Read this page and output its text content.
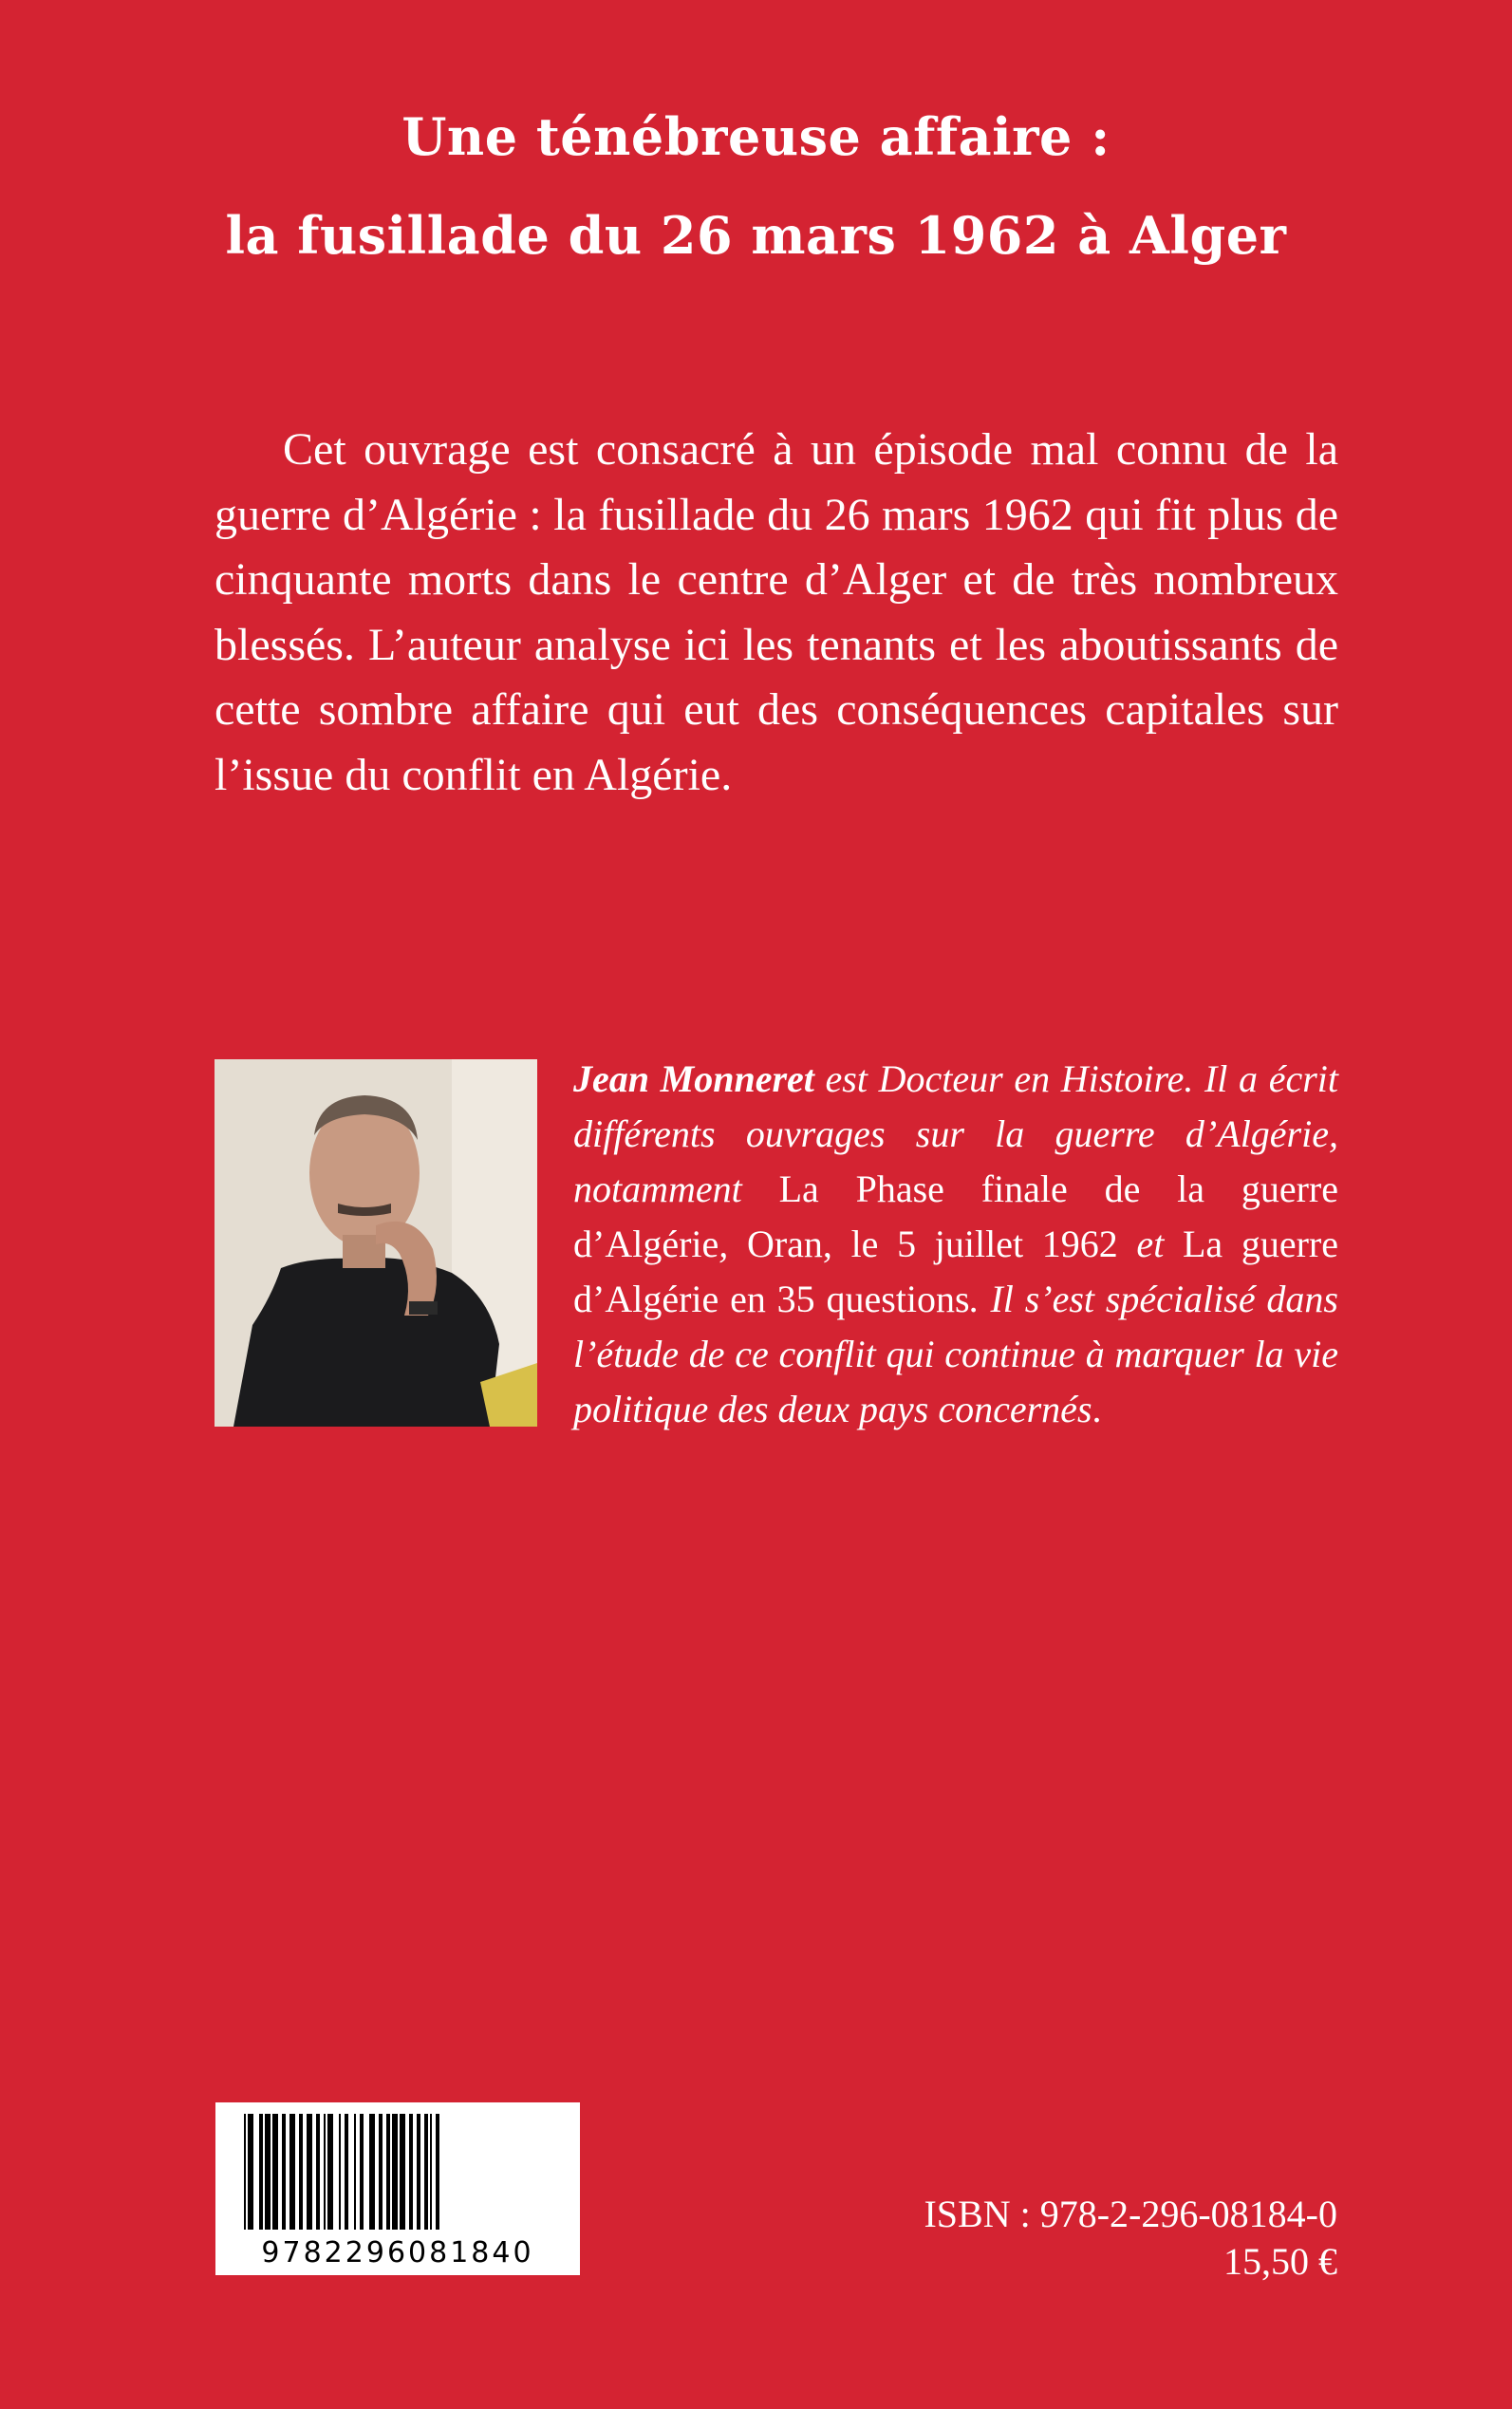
Une ténébreuse affaire :
la fusillade du 26 mars 1962 à Alger

Cet ouvrage est consacré à un épisode mal connu de la guerre d’Algérie : la fusillade du 26 mars 1962 qui fit plus de cinquante morts dans le centre d’Alger et de très nombreux blessés. L’auteur analyse ici les tenants et les aboutissants de cette sombre affaire qui eut des conséquences capitales sur l’issue du conflit en Algérie.

Jean Monneret est Docteur en Histoire. Il a écrit différents ouvrages sur la guerre d’Algérie, notamment La Phase finale de la guerre d’Algérie, Oran, le 5 juillet 1962 et La guerre d’Algérie en 35 questions. Il s’est spécialisé dans l’étude de ce conflit qui continue à marquer la vie politique des deux pays concernés.

9782296081840
ISBN : 978-2-296-08184-0
15,50 €
